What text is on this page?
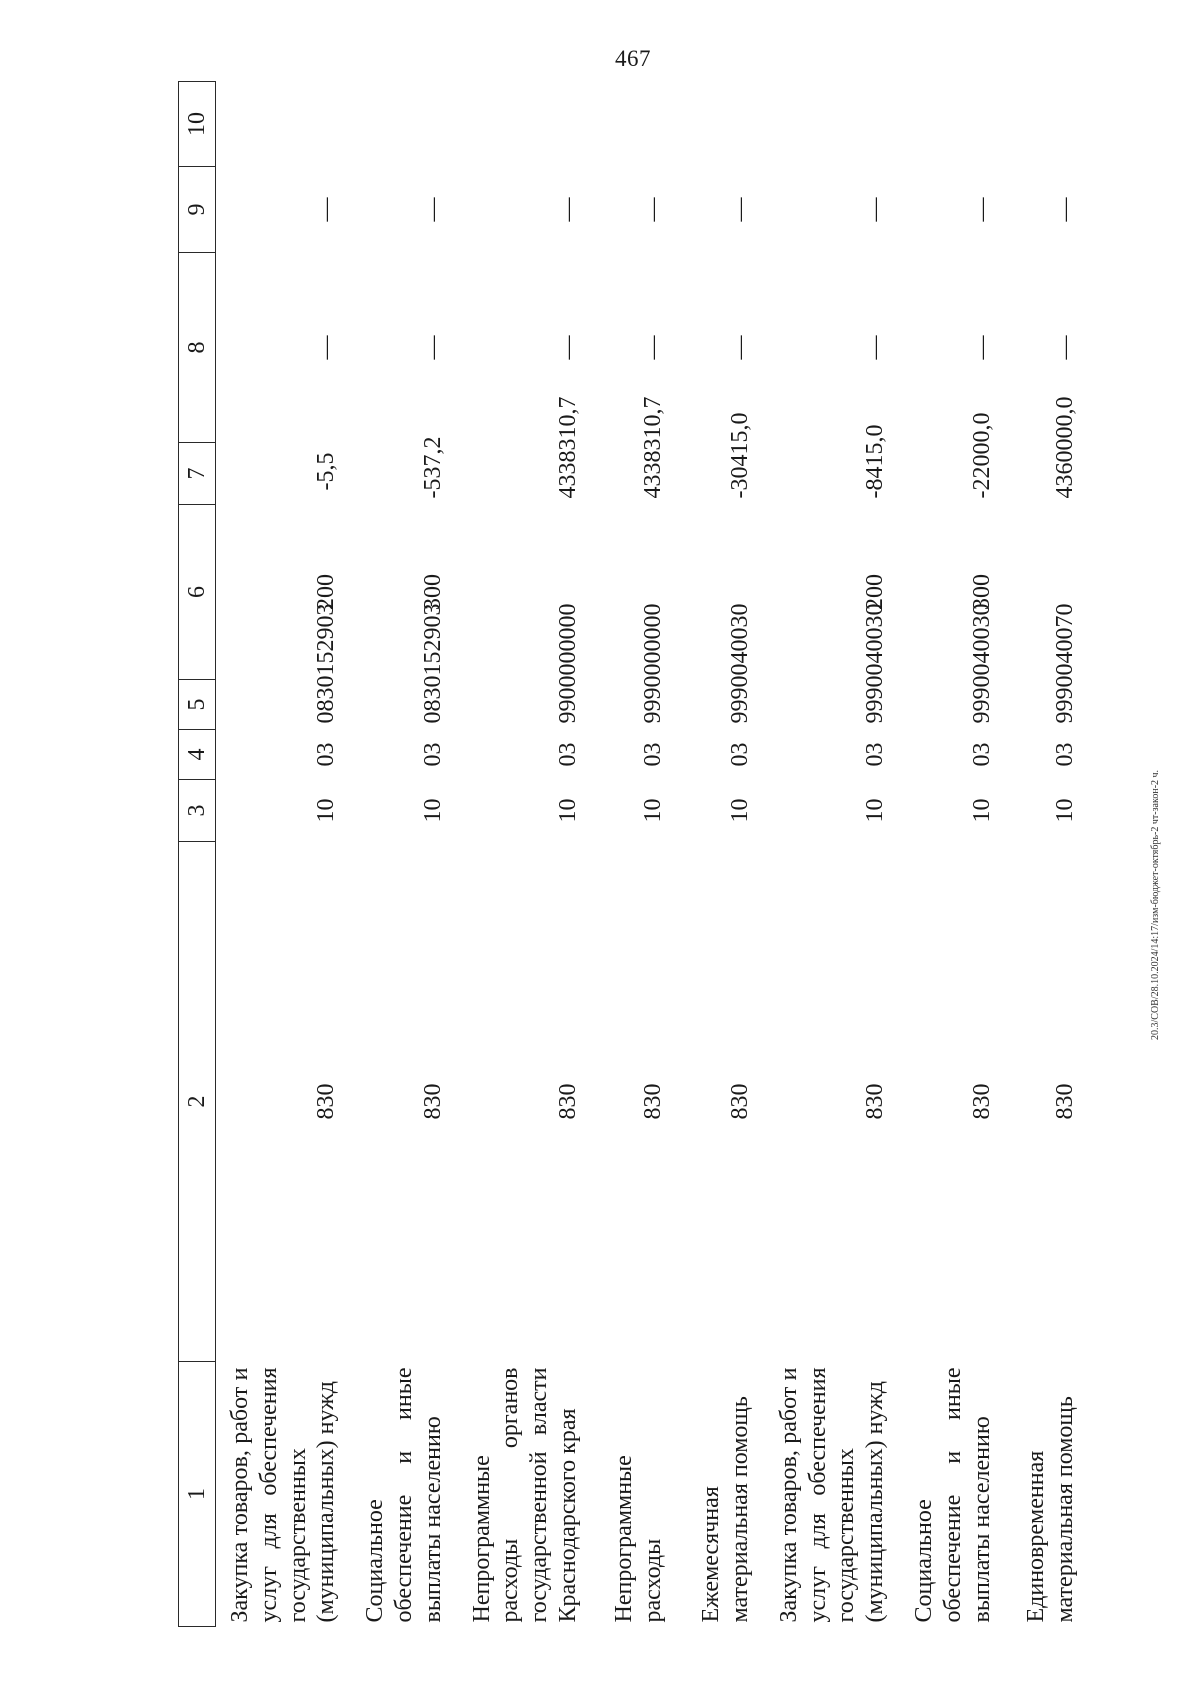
467
1	2	3	4	5	6	7	8	9	10
Закупка товаров, работ и услуг для обеспечения государственных (муниципальных) нужд	830	10	03	0830152903	200	-5,5	—	—	
Социальное обеспечение и иные выплаты населению	830	10	03	0830152903	300	-537,2	—	—	
Непрограммные расходы органов государственной власти Краснодарского края	830	10	03	9900000000		4338310,7	—	—	
Непрограммные расходы	830	10	03	9990000000		4338310,7	—	—	
Ежемесячная материальная помощь	830	10	03	9990040030		-30415,0	—	—	
Закупка товаров, работ и услуг для обеспечения государственных (муниципальных) нужд	830	10	03	9990040030	200	-8415,0	—	—	
Социальное обеспечение и иные выплаты населению	830	10	03	9990040030	300	-22000,0	—	—	
Единовременная материальная помощь	830	10	03	9990040070		4360000,0	—	—	
20.3/СОВ/28.10.2024/14:17/изм-бюджет-октябрь-2 чт-закон-2 ч.
